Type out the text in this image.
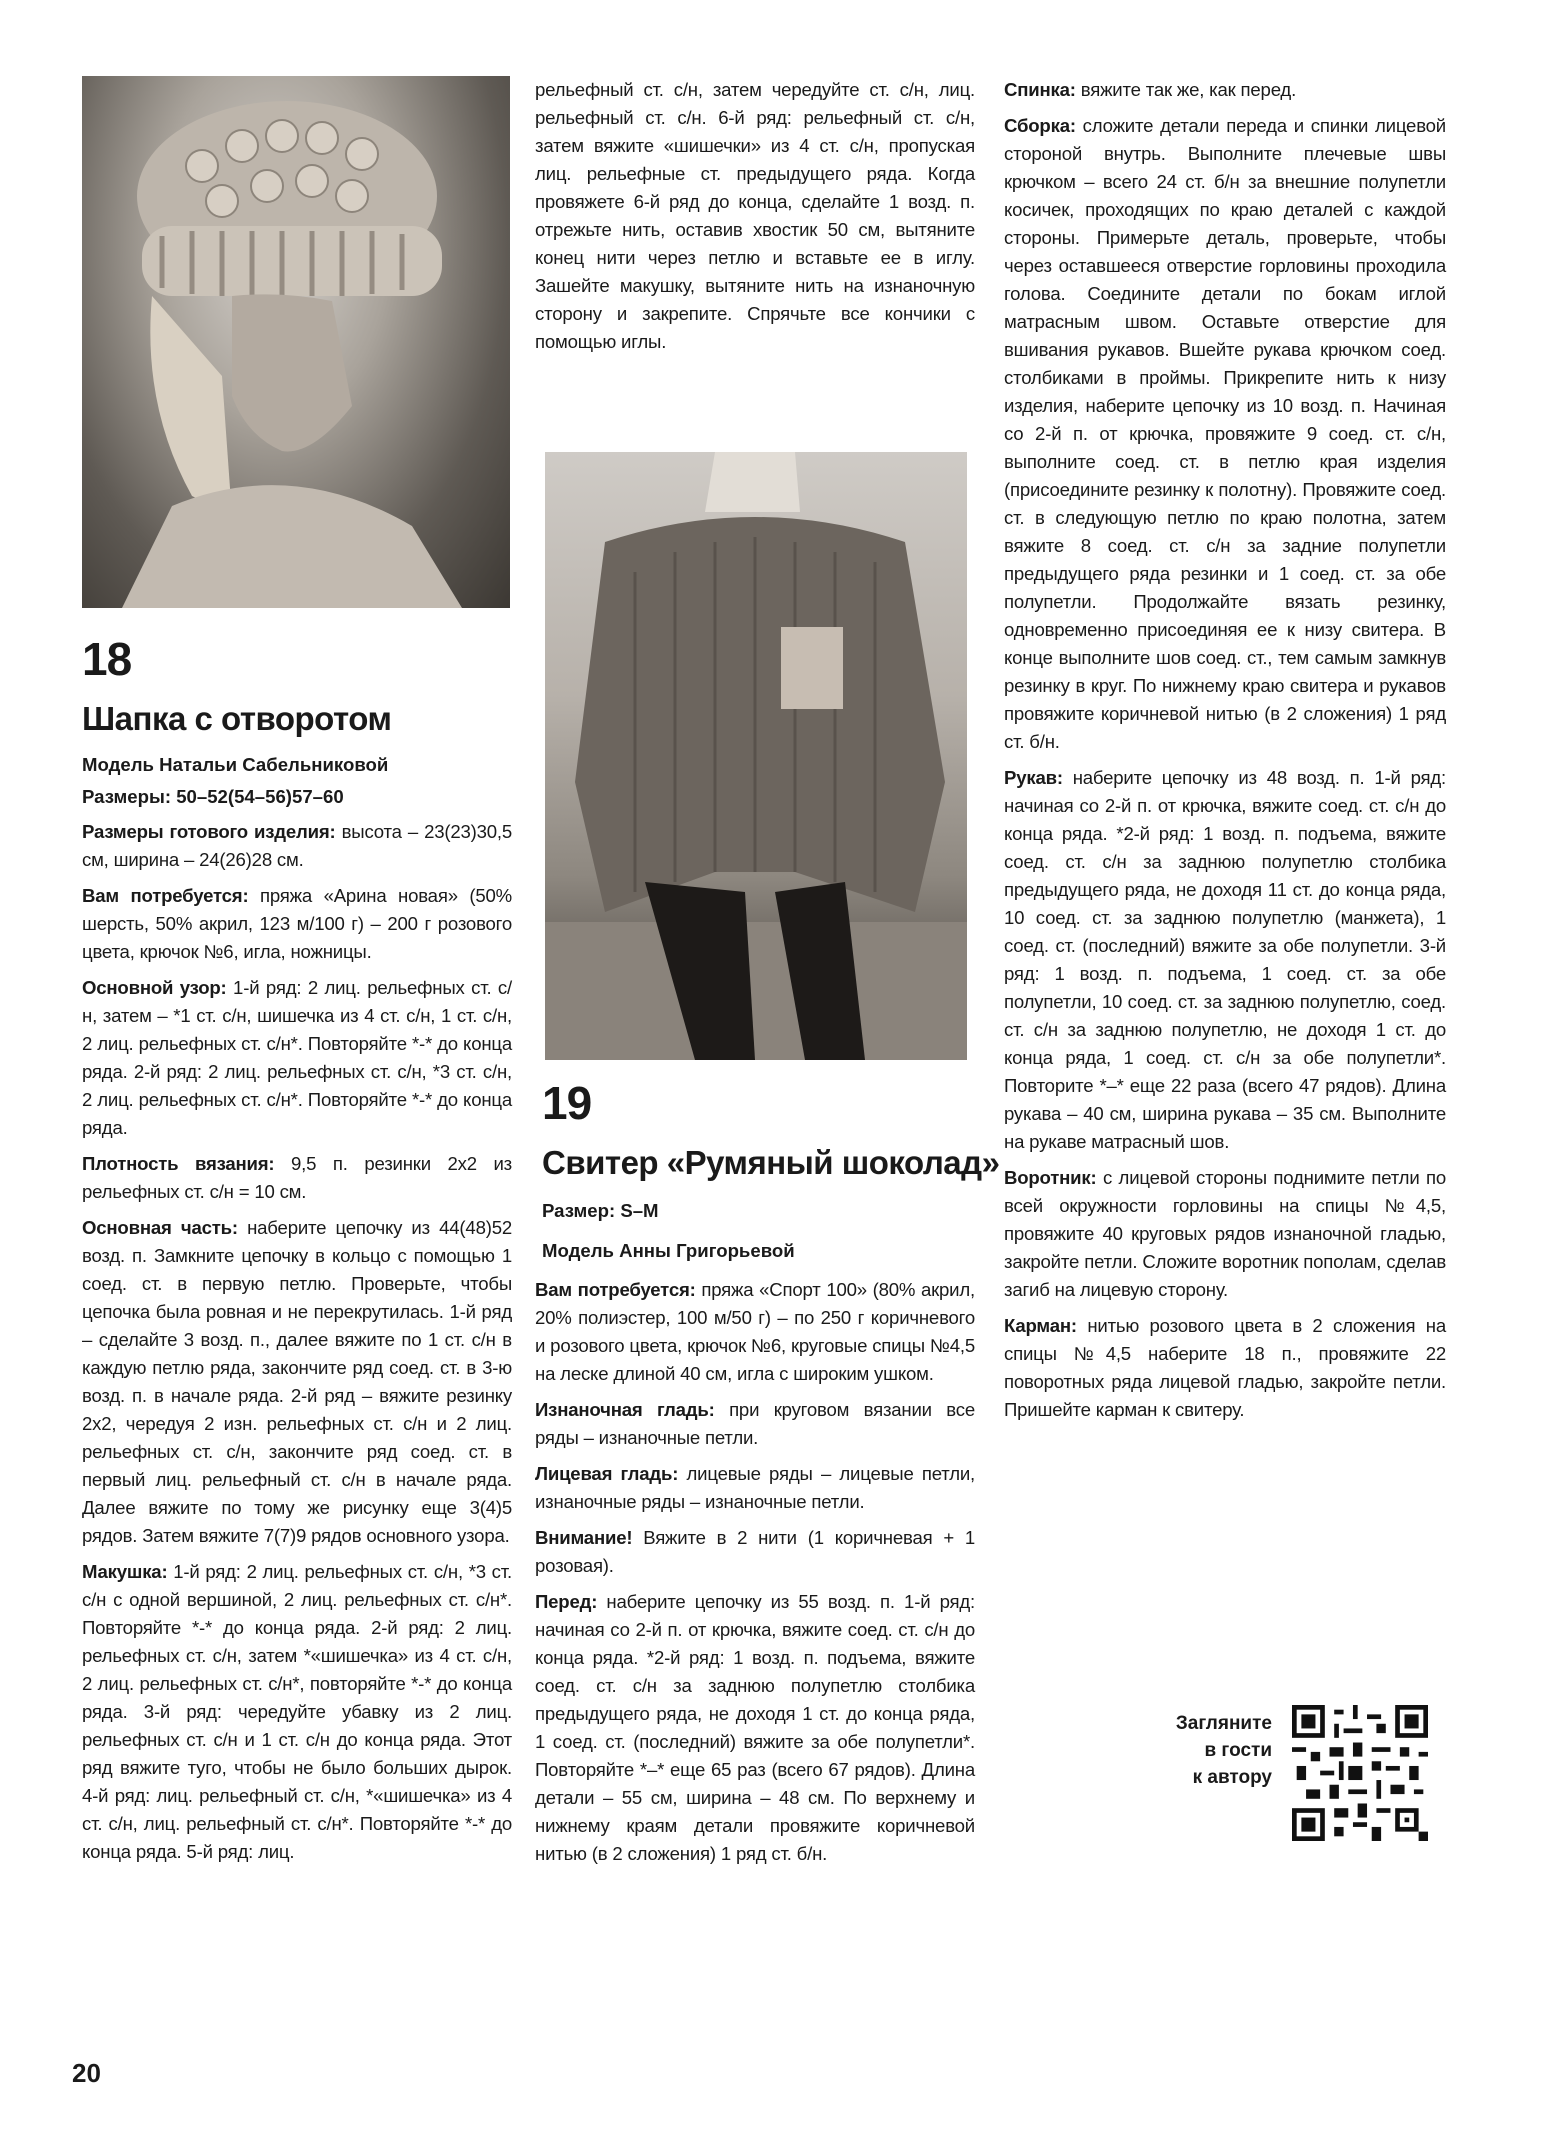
18
Шапка с отворотом
Модель Натальи Сабельниковой
Размеры: 50–52(54–56)57–60

Размеры готового изделия: высота – 23(23)30,5 см, ширина – 24(26)28 см.

Вам потребуется: пряжа «Арина новая» (50% шерсть, 50% акрил, 123 м/100 г) – 200 г розового цвета, крючок №6, игла, ножницы.

Основной узор: 1-й ряд: 2 лиц. рельефных ст. с/н, затем – *1 ст. с/н, шишечка из 4 ст. с/н, 1 ст. с/н, 2 лиц. рельефных ст. с/н*. Повторяйте *-* до конца ряда. 2-й ряд: 2 лиц. рельефных ст. с/н, *3 ст. с/н, 2 лиц. рельефных ст. с/н*. Повторяйте *-* до конца ряда.

Плотность вязания: 9,5 п. резинки 2х2 из рельефных ст. с/н = 10 см.

Основная часть: наберите цепочку из 44(48)52 возд. п. Замкните цепочку в кольцо с помощью 1 соед. ст. в первую петлю. Проверьте, чтобы цепочка была ровная и не перекрутилась. 1-й ряд – сделайте 3 возд. п., далее вяжите по 1 ст. с/н в каждую петлю ряда, закончите ряд соед. ст. в 3-ю возд. п. в начале ряда. 2-й ряд – вяжите резинку 2х2, чередуя 2 изн. рельефных ст. с/н и 2 лиц. рельефных ст. с/н, закончите ряд соед. ст. в первый лиц. рельефный ст. с/н в начале ряда. Далее вяжите по тому же рисунку еще 3(4)5 рядов. Затем вяжите 7(7)9 рядов основного узора.

Макушка: 1-й ряд: 2 лиц. рельефных ст. с/н, *3 ст. с/н с одной вершиной, 2 лиц. рельефных ст. с/н*. Повторяйте *-* до конца ряда. 2-й ряд: 2 лиц. рельефных ст. с/н, затем *«шишечка» из 4 ст. с/н, 2 лиц. рельефных ст. с/н*, повторяйте *-* до конца ряда. 3-й ряд: чередуйте убавку из 2 лиц. рельефных ст. с/н и 1 ст. с/н до конца ряда. Этот ряд вяжите туго, чтобы не было больших дырок. 4-й ряд: лиц. рельефный ст. с/н, *«шишечка» из 4 ст. с/н, лиц. рельефный ст. с/н*. Повторяйте *-* до конца ряда. 5-й ряд: лиц.

рельефный ст. с/н, затем чередуйте ст. с/н, лиц. рельефный ст. с/н. 6-й ряд: рельефный ст. с/н, затем вяжите «шишечки» из 4 ст. с/н, пропуская лиц. рельефные ст. предыдущего ряда. Когда провяжете 6-й ряд до конца, сделайте 1 возд. п. отрежьте нить, оставив хвостик 50 см, вытяните конец нити через петлю и вставьте ее в иглу. Зашейте макушку, вытяните нить на изнаночную сторону и закрепите. Спрячьте все кончики с помощью иглы.

19
Свитер «Румяный шоколад»
Размер: S–M
Модель Анны Григорьевой

Вам потребуется: пряжа «Спорт 100» (80% акрил, 20% полиэстер, 100 м/50 г) – по 250 г коричневого и розового цвета, крючок №6, круговые спицы №4,5 на леске длиной 40 см, игла с широким ушком.

Изнаночная гладь: при круговом вязании все ряды – изнаночные петли.

Лицевая гладь: лицевые ряды – лицевые петли, изнаночные ряды – изнаночные петли.

Внимание! Вяжите в 2 нити (1 коричневая + 1 розовая).

Перед: наберите цепочку из 55 возд. п. 1-й ряд: начиная со 2-й п. от крючка, вяжите соед. ст. с/н до конца ряда. *2-й ряд: 1 возд. п. подъема, вяжите соед. ст. с/н за заднюю полупетлю столбика предыдущего ряда, не доходя 1 ст. до конца ряда, 1 соед. ст. (последний) вяжите за обе полупетли*. Повторяйте *–* еще 65 раз (всего 67 рядов). Длина детали – 55 см, ширина – 48 см. По верхнему и нижнему краям детали провяжите коричневой нитью (в 2 сложения) 1 ряд ст. б/н.

Спинка: вяжите так же, как перед.

Сборка: сложите детали переда и спинки лицевой стороной внутрь. Выполните плечевые швы крючком – всего 24 ст. б/н за внешние полупетли косичек, проходящих по краю деталей с каждой стороны. Примерьте деталь, проверьте, чтобы через оставшееся отверстие горловины проходила голова. Соедините детали по бокам иглой матрасным швом. Оставьте отверстие для вшивания рукавов. Вшейте рукава крючком соед. столбиками в проймы. Прикрепите нить к низу изделия, наберите цепочку из 10 возд. п. Начиная со 2-й п. от крючка, провяжите 9 соед. ст. с/н, выполните соед. ст. в петлю края изделия (присоедините резинку к полотну). Провяжите соед. ст. в следующую петлю по краю полотна, затем вяжите 8 соед. ст. с/н за задние полупетли предыдущего ряда резинки и 1 соед. ст. за обе полупетли. Продолжайте вязать резинку, одновременно присоединяя ее к низу свитера. В конце выполните шов соед. ст., тем самым замкнув резинку в круг. По нижнему краю свитера и рукавов провяжите коричневой нитью (в 2 сложения) 1 ряд ст. б/н.

Рукав: наберите цепочку из 48 возд. п. 1-й ряд: начиная со 2-й п. от крючка, вяжите соед. ст. с/н до конца ряда. *2-й ряд: 1 возд. п. подъема, вяжите соед. ст. с/н за заднюю полупетлю столбика предыдущего ряда, не доходя 11 ст. до конца ряда, 10 соед. ст. за заднюю полупетлю (манжета), 1 соед. ст. (последний) вяжите за обе полупетли. 3-й ряд: 1 возд. п. подъема, 1 соед. ст. за обе полупетли, 10 соед. ст. за заднюю полупетлю, соед. ст. с/н за заднюю полупетлю, не доходя 1 ст. до конца ряда, 1 соед. ст. с/н за обе полупетли*. Повторите *–* еще 22 раза (всего 47 рядов). Длина рукава – 40 см, ширина рукава – 35 см. Выполните на рукаве матрасный шов.

Воротник: с лицевой стороны поднимите петли по всей окружности горловины на спицы №4,5, провяжите 40 круговых рядов изнаночной гладью, закройте петли. Сложите воротник пополам, сделав загиб на лицевую сторону.

Карман: нитью розового цвета в 2 сложения на спицы №4,5 наберите 18 п., провяжите 22 поворотных ряда лицевой гладью, закройте петли. Пришейте карман к свитеру.

Загляните
в гости
к автору
20
